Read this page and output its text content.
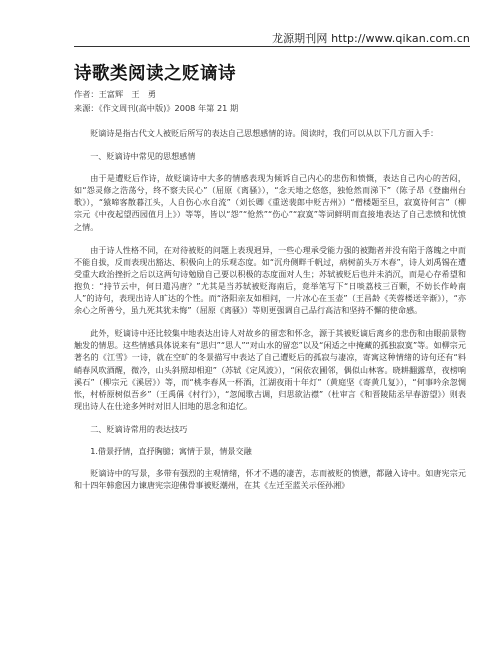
龙源期刊网 http://www.qikan.com.cn
诗歌类阅读之贬谪诗
作者：王富辉　王　勇
来源：《作文周刊(高中版)》2008 年第 21 期

贬谪诗是指古代文人被贬后所写的表达自己思想感情的诗。阅读时，我们可以从以下几方面入手：

一、贬谪诗中常见的思想感情

由于是遭贬后作诗，故贬谪诗中大多的情感表现为倾诉自己内心的悲伤和愤慨，表达自己内心的苦闷，如“怨灵修之浩荡兮，终不察夫民心”（屈原《离骚》），“念天地之悠悠，独怆然而涕下”（陈子昂《登幽州台歌》），“猿啼客散暮江头，人自伤心水自流”（刘长卿《重送裴郎中贬吉州》）“僧楼题至旦，寂寞待何言”（柳宗元《中夜起望西园值月上》）等等，皆以“怨”“怆然”“伤心”“寂寞”等词鲜明而直接地表达了自己悲愤和忧愤之情。

由于诗人性格不同，在对待被贬的问题上表现迥异，一些心理承受能力强的被黜者并没有陷于落魄之中而不能自拔，反而表现出豁达、积极向上的乐观态度。如“沉舟侧畔千帆过，病树前头万木春”，诗人刘禹锡在遭受重大政治挫折之后以这两句诗勉励自己要以积极的态度面对人生；苏轼被贬后也并未消沉，而是心存希望和抱负：“持节云中，何日遣冯唐？”尤其是当苏轼被贬海南后，竟举笔写下“日啖荔枝三百颗，不妨长作岭南人”的诗句，表现出诗人旷达的个性。而“洛阳亲友如相问，一片冰心在玉壶”（王昌龄《芙蓉楼送辛渐》），“亦余心之所善兮，虽九死其犹未悔”（屈原《离骚》）等则更强调自己品行高洁和坚持不懈的使命感。

此外，贬谪诗中还比较集中地表达出诗人对故乡的留恋和怀念，源于其被贬谪后离乡的悲伤和由眼前景物触发的情思。这些情感具体说来有“思归”“思人”“对山水的留恋”以及“闲适之中掩藏的孤独寂寞”等。如柳宗元著名的《江雪》一诗，就在空旷的冬景描写中表达了自己遭贬后的孤寂与凄凉，寄寓这种情绪的诗句还有“料峭春风吹酒醒，微冷，山头斜照却相迎”（苏轼《定风波》），“闲依农圃邻，偶似山林客。晓耕翻露草，夜榜响溪石”（柳宗元《溪居》）等，而“桃李春风一杯酒，江湖夜雨十年灯”（黄庭坚《寄黄几复》），“何事吟余忽惆怅，村桥原树似吾乡”（王禹偁《村行》），“忽闻歌古调，归思欲沾襟”（杜审言《和晋陵陆丞早春游望》）则表现出诗人在仕途多舛时对旧人旧地的思念和追忆。

二、贬谪诗常用的表达技巧

1.借景抒情，直抒胸臆；寓情于景，情景交融

贬谪诗中的写景，多带有强烈的主观情绪，怀才不遇的凄苦，志而被贬的愤懑，都融入诗中。如唐宪宗元和十四年韩愈因力谏唐宪宗迎佛骨事被贬潮州，在其《左迁至蓝关示侄孙湘》
